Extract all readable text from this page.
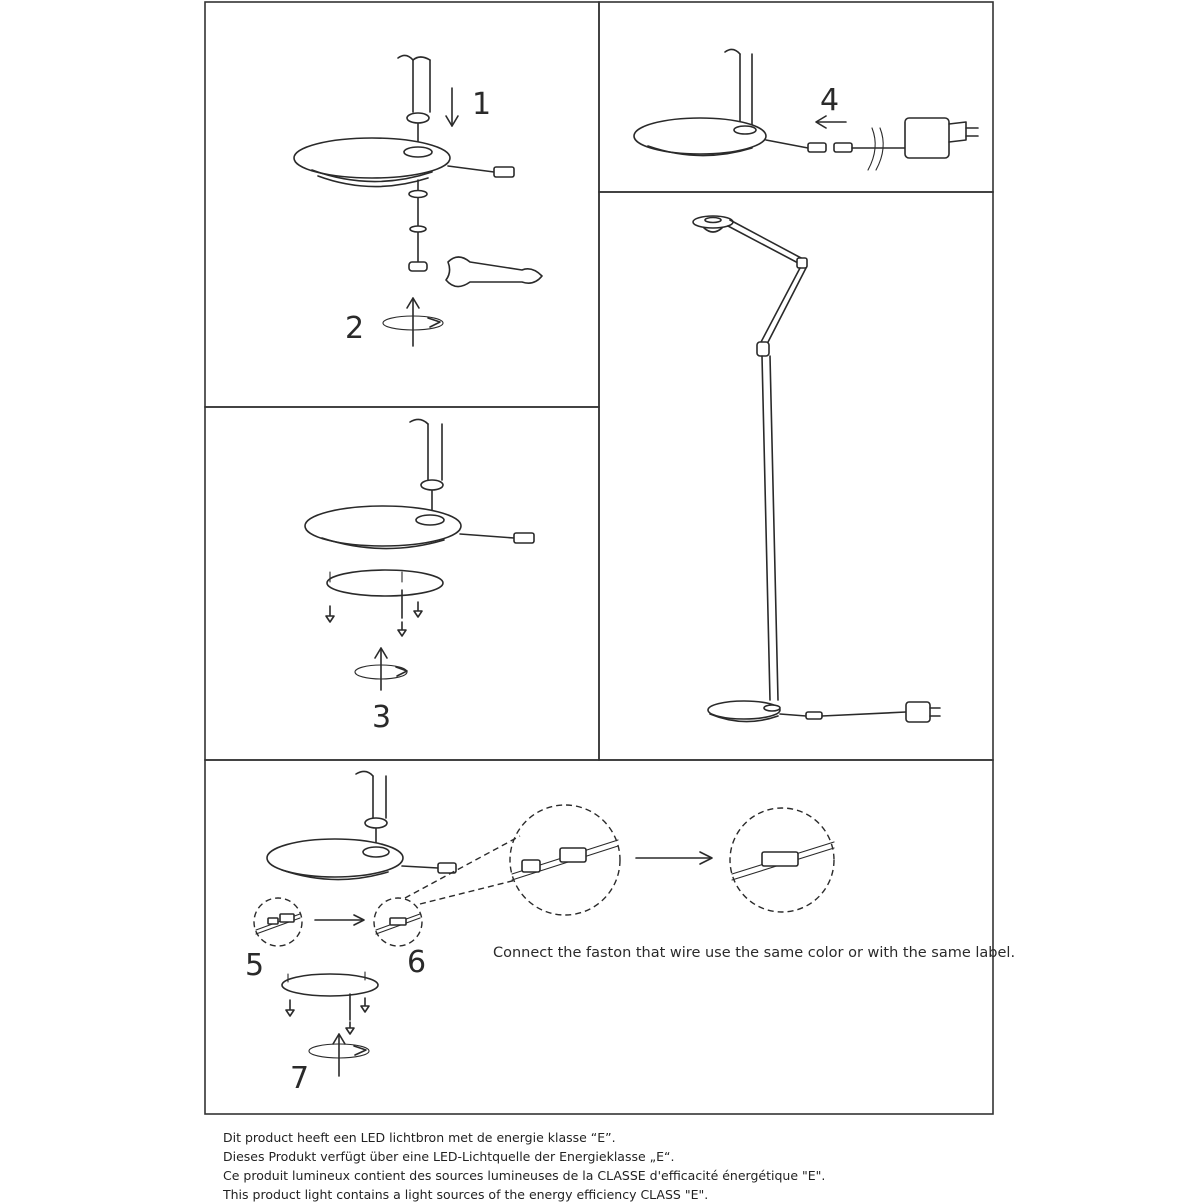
1
2
4
3
5	6
7
Connect the faston that wire use the same color or with the same label.
Dit product heeft een LED lichtbron met de energie klasse “E”.
Dieses Produkt verfügt über eine LED-Lichtquelle der Energieklasse „E“.
Ce produit lumineux contient des sources lumineuses de la CLASSE d'efficacité énergétique "E".
This product light contains a light sources of the energy efficiency CLASS "E".
